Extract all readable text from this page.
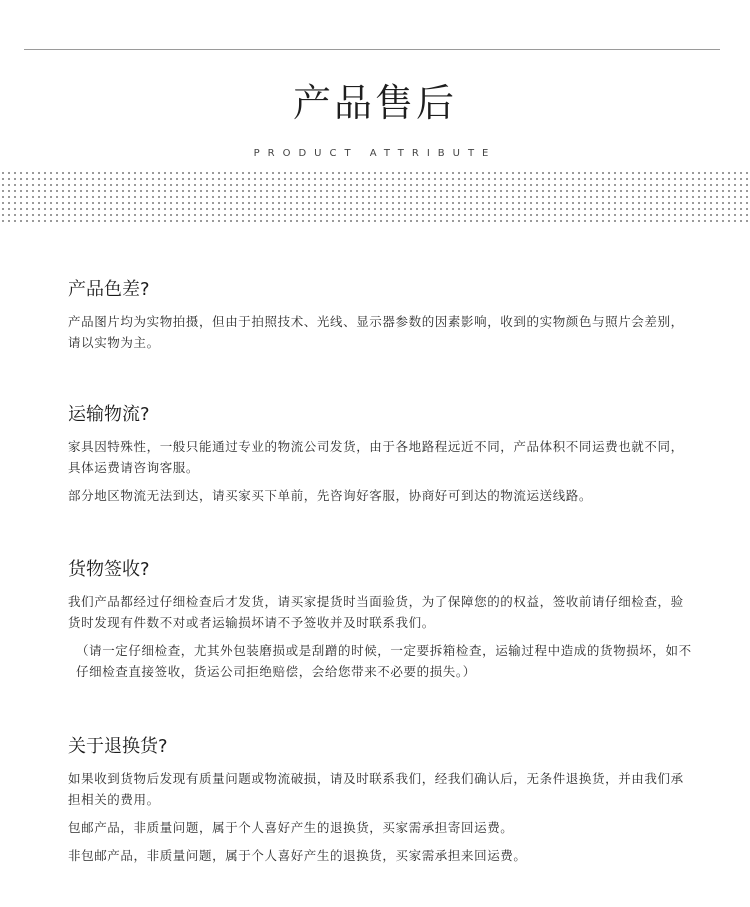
产品售后
PRODUCT ATTRIBUTE
产品色差?

产品图片均为实物拍摄，但由于拍照技术、光线、显示器参数的因素影响，收到的实物颜色与照片会差别，请以实物为主。

运输物流?

家具因特殊性，一般只能通过专业的物流公司发货，由于各地路程远近不同，产品体积不同运费也就不同，具体运费请咨询客服。

部分地区物流无法到达，请买家买下单前，先咨询好客服，协商好可到达的物流运送线路。

货物签收?

我们产品都经过仔细检查后才发货，请买家提货时当面验货，为了保障您的的权益，签收前请仔细检查，验货时发现有件数不对或者运输损坏请不予签收并及时联系我们。

（请一定仔细检查，尤其外包装磨损或是刮蹭的时候，一定要拆箱检查，运输过程中造成的货物损坏，如不仔细检查直接签收，货运公司拒绝赔偿，会给您带来不必要的损失。）

关于退换货?

如果收到货物后发现有质量问题或物流破损，请及时联系我们，经我们确认后，无条件退换货，并由我们承担相关的费用。

包邮产品，非质量问题，属于个人喜好产生的退换货，买家需承担寄回运费。

非包邮产品，非质量问题，属于个人喜好产生的退换货，买家需承担来回运费。
